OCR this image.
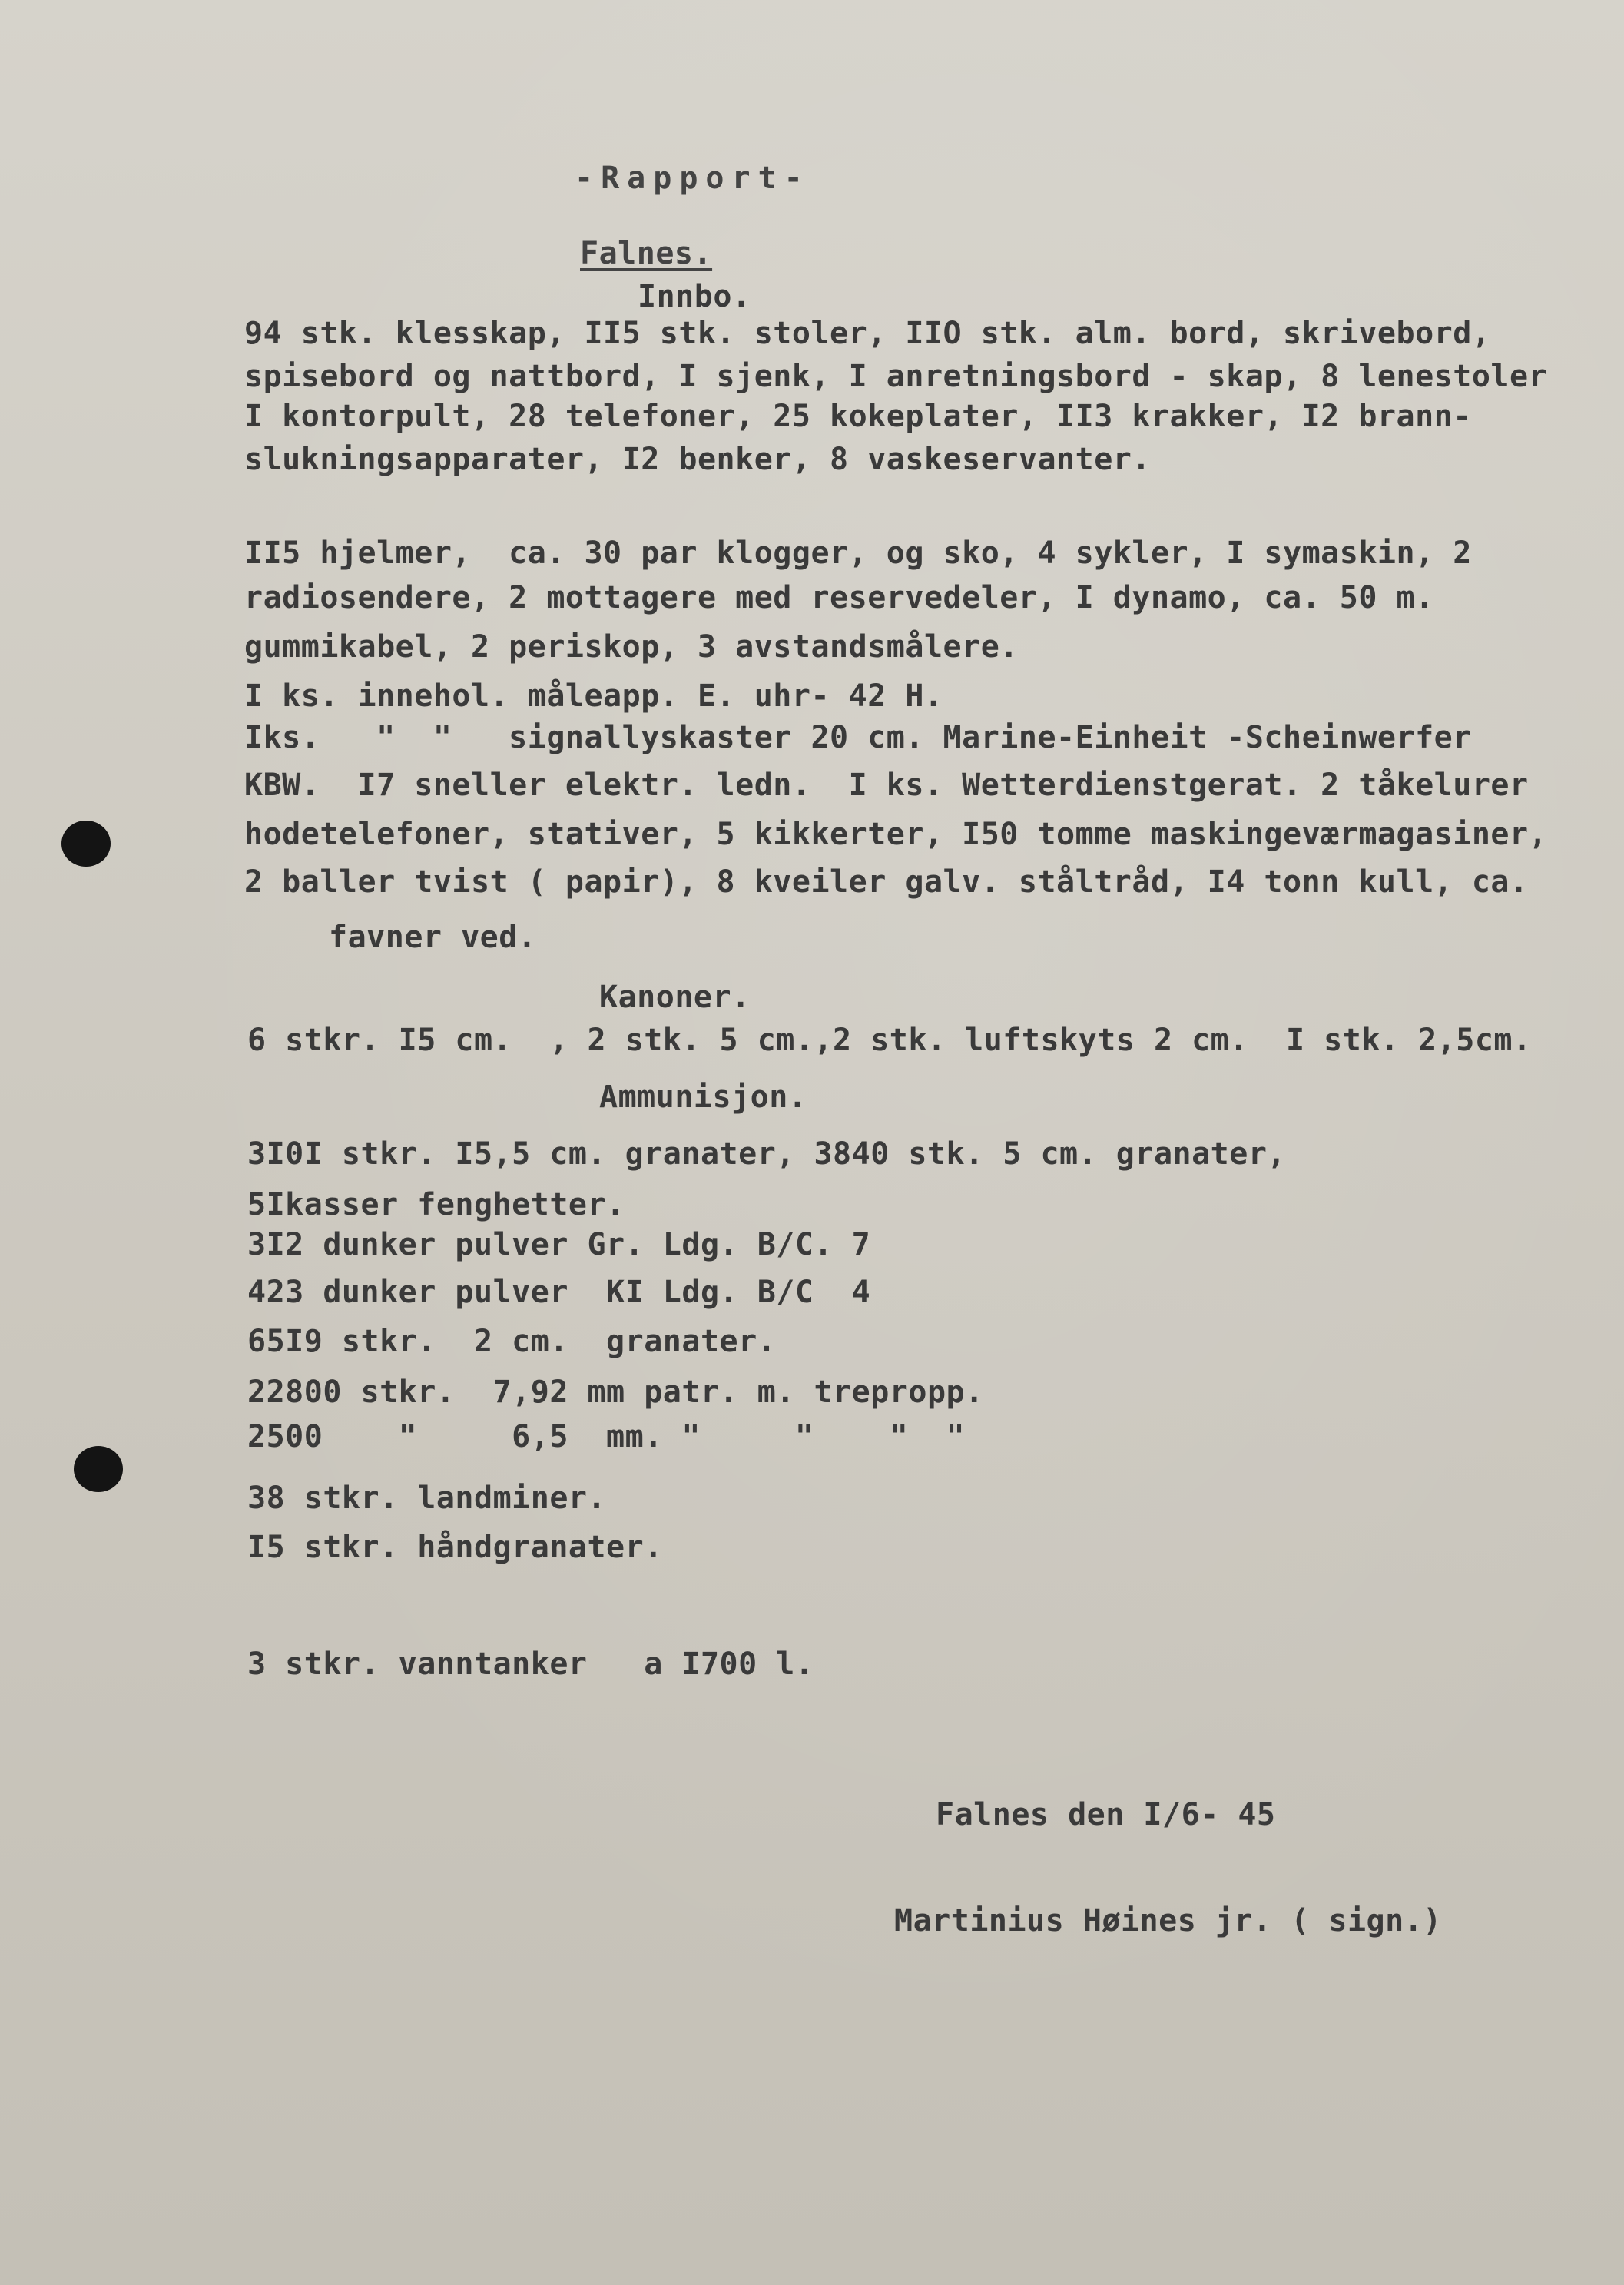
-Rapport-
Falnes.
Innbo.
94 stk. klesskap, II5 stk. stoler, IIO stk. alm. bord, skrivebord,
spisebord og nattbord, I sjenk, I anretningsbord - skap, 8 lenestoler
I kontorpult, 28 telefoner, 25 kokeplater, II3 krakker, I2 brann-
slukningsapparater, I2 benker, 8 vaskeservanter.
II5 hjelmer,  ca. 30 par klogger, og sko, 4 sykler, I symaskin, 2
radiosendere, 2 mottagere med reservedeler, I dynamo, ca. 50 m.
gummikabel, 2 periskop, 3 avstandsmålere.
I ks. innehol. måleapp. E. uhr- 42 H.
Iks.   "  "   signallyskaster 20 cm. Marine-Einheit -Scheinwerfer
KBW.  I7 sneller elektr. ledn.  I ks. Wetterdienstgerat. 2 tåkelurer
hodetelefoner, stativer, 5 kikkerter, I50 tomme maskingeværmagasiner,
2 baller tvist ( papir), 8 kveiler galv. ståltråd, I4 tonn kull, ca.
favner ved.
Kanoner.
6 stkr. I5 cm.  , 2 stk. 5 cm.,2 stk. luftskyts 2 cm.  I stk. 2,5cm.
Ammunisjon.
3I0I stkr. I5,5 cm. granater, 3840 stk. 5 cm. granater,
5Ikasser fenghetter.
3I2 dunker pulver Gr. Ldg. B/C. 7
423 dunker pulver  KI Ldg. B/C  4
65I9 stkr.  2 cm.  granater.
22800 stkr.  7,92 mm patr. m. trepropp.
2500    "     6,5  mm. "     "    "  "
38 stkr. landminer.
I5 stkr. håndgranater.
3 stkr. vanntanker   a I700 l.
Falnes den I/6- 45
Martinius Høines jr. ( sign.)
